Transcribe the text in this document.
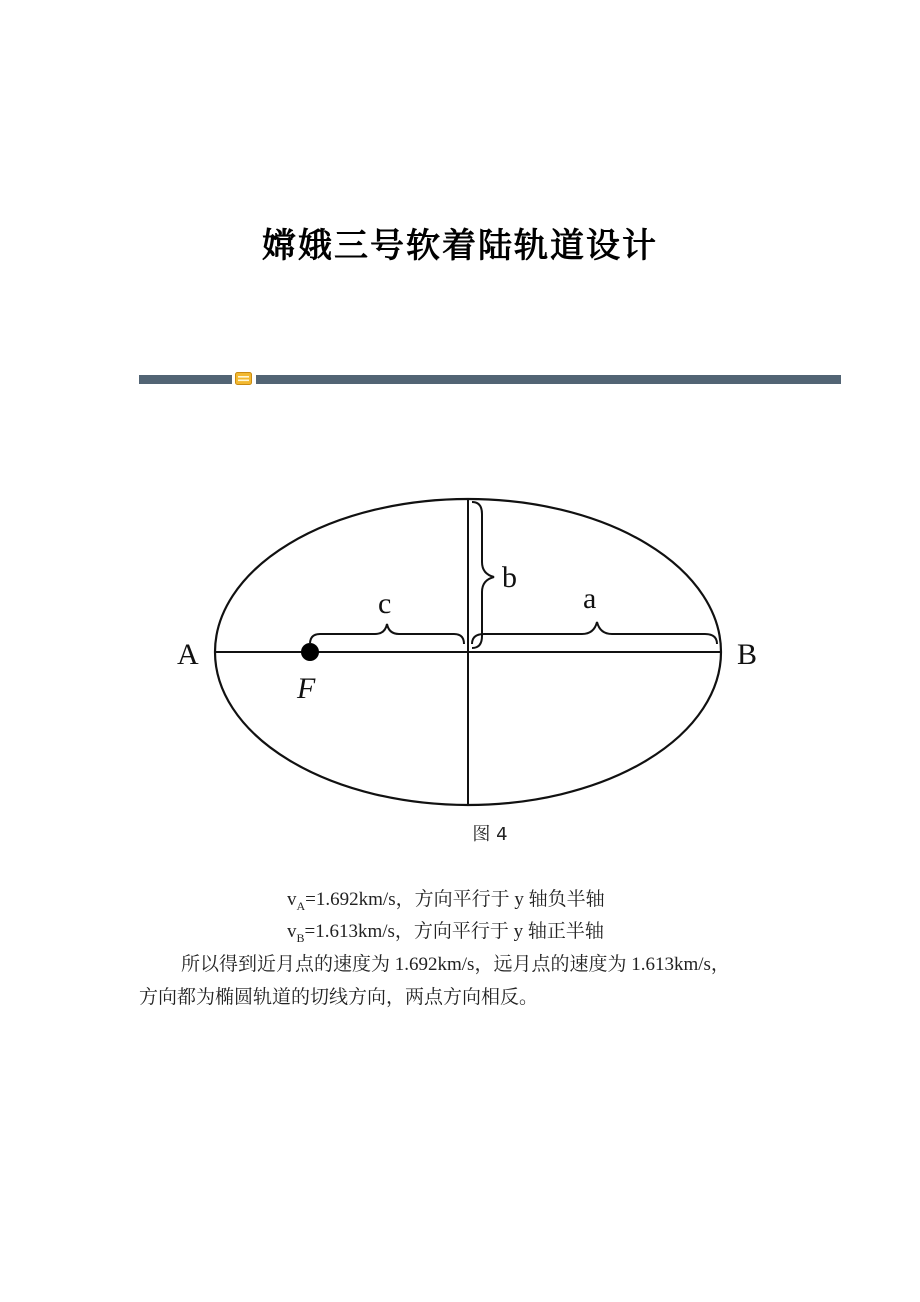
嫦娥三号软着陆轨道设计
A	B
F
b
a
c
图 4
$v_A=1.692km/s$，方向平行于 y 轴负半轴
$v_B=1.613km/s$，方向平行于 y 轴正半轴
所以得到近月点的速度为 1.692km/s，远月点的速度为 1.613km/s，
方向都为椭圆轨道的切线方向，两点方向相反。
